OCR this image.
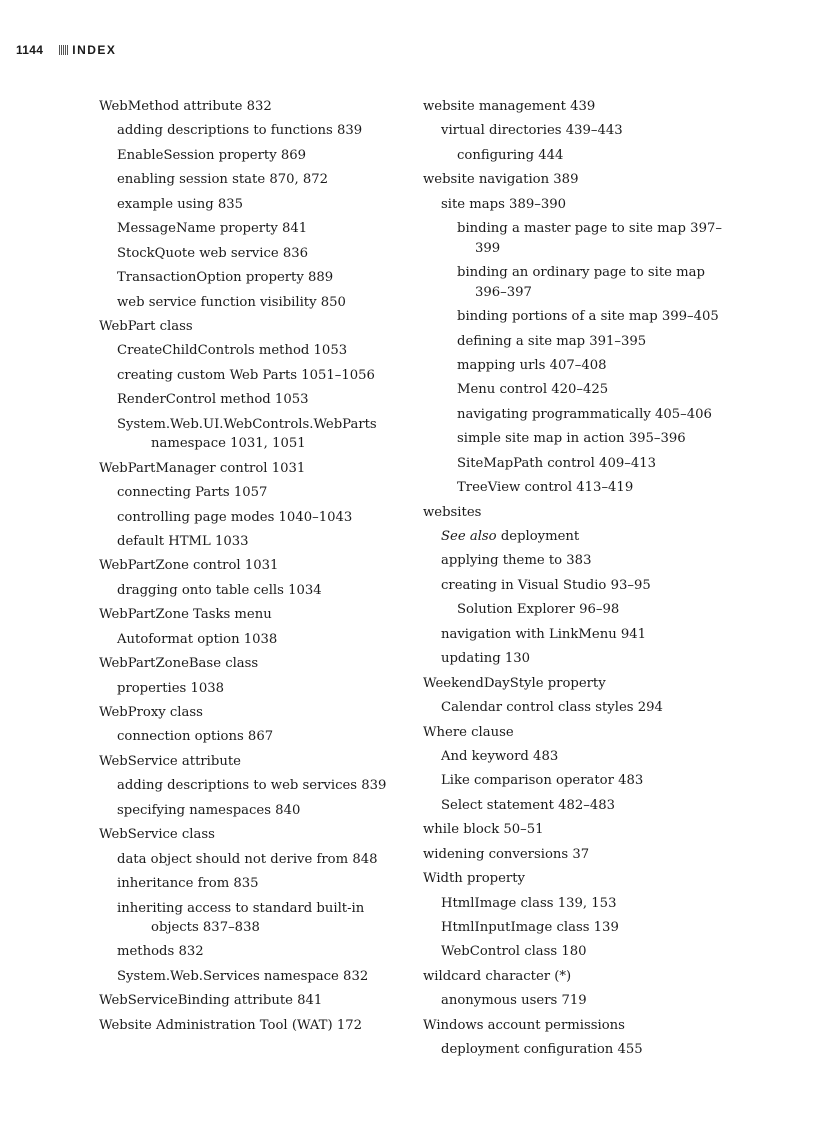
1144 INDEX
WebMethod attribute 832
adding descriptions to functions 839
EnableSession property 869
enabling session state 870, 872
example using 835
MessageName property 841
StockQuote web service 836
TransactionOption property 889
web service function visibility 850
WebPart class
CreateChildControls method 1053
creating custom Web Parts 1051–1056
RenderControl method 1053
System.Web.UI.WebControls.WebParts namespace 1031, 1051
WebPartManager control 1031
connecting Parts 1057
controlling page modes 1040–1043
default HTML 1033
WebPartZone control 1031
dragging onto table cells 1034
WebPartZone Tasks menu
Autoformat option 1038
WebPartZoneBase class
properties 1038
WebProxy class
connection options 867
WebService attribute
adding descriptions to web services 839
specifying namespaces 840
WebService class
data object should not derive from 848
inheritance from 835
inheriting access to standard built-in objects 837–838
methods 832
System.Web.Services namespace 832
WebServiceBinding attribute 841
Website Administration Tool (WAT) 172
website management 439
virtual directories 439–443
configuring 444
website navigation 389
site maps 389–390
binding a master page to site map 397–399
binding an ordinary page to site map 396–397
binding portions of a site map 399–405
defining a site map 391–395
mapping urls 407–408
Menu control 420–425
navigating programmatically 405–406
simple site map in action 395–396
SiteMapPath control 409–413
TreeView control 413–419
websites
See also deployment
applying theme to 383
creating in Visual Studio 93–95
Solution Explorer 96–98
navigation with LinkMenu 941
updating 130
WeekendDayStyle property
Calendar control class styles 294
Where clause
And keyword 483
Like comparison operator 483
Select statement 482–483
while block 50–51
widening conversions 37
Width property
HtmlImage class 139, 153
HtmlInputImage class 139
WebControl class 180
wildcard character (*)
anonymous users 719
Windows account permissions
deployment configuration 455
